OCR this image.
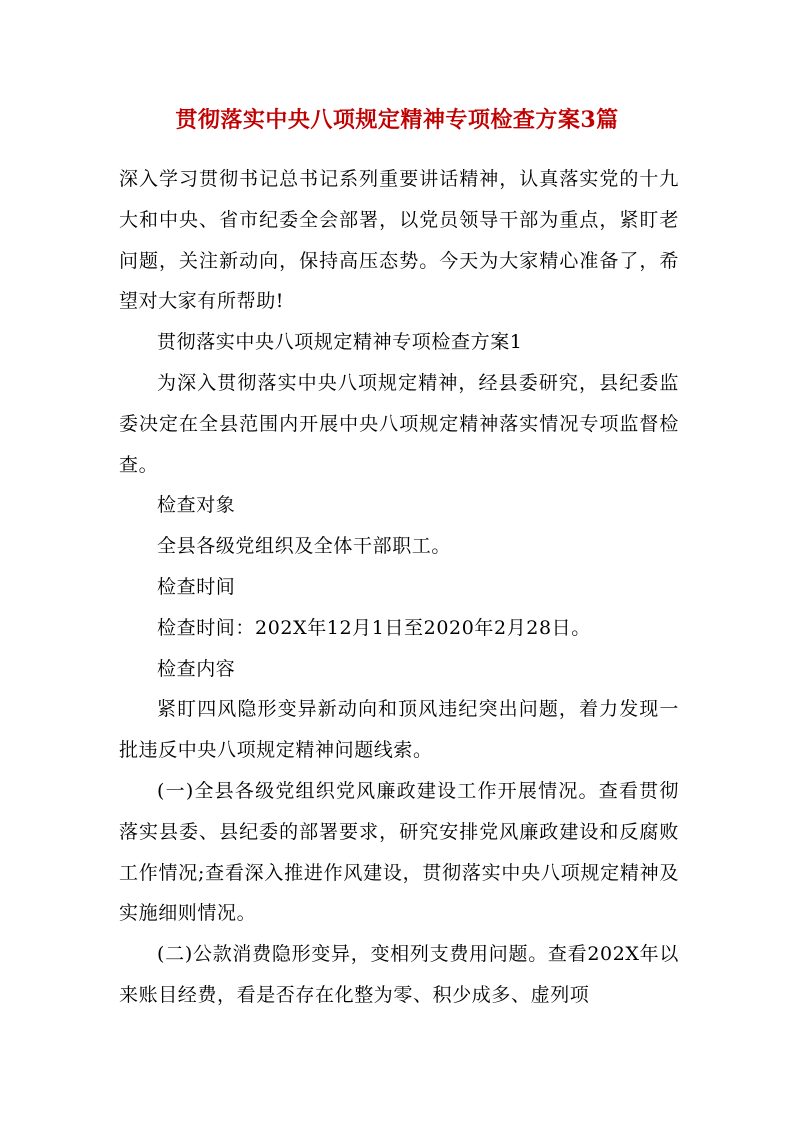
贯彻落实中央八项规定精神专项检查方案3篇

深入学习贯彻书记总书记系列重要讲话精神，认真落实党的十九大和中央、省市纪委全会部署，以党员领导干部为重点，紧盯老问题，关注新动向，保持高压态势。今天为大家精心准备了，希望对大家有所帮助!

贯彻落实中央八项规定精神专项检查方案1

为深入贯彻落实中央八项规定精神，经县委研究，县纪委监委决定在全县范围内开展中央八项规定精神落实情况专项监督检查。

检查对象

全县各级党组织及全体干部职工。

检查时间

检查时间：202X年12月1日至2020年2月28日。

检查内容

紧盯四风隐形变异新动向和顶风违纪突出问题，着力发现一批违反中央八项规定精神问题线索。

(一)全县各级党组织党风廉政建设工作开展情况。查看贯彻落实县委、县纪委的部署要求，研究安排党风廉政建设和反腐败工作情况;查看深入推进作风建设，贯彻落实中央八项规定精神及实施细则情况。

(二)公款消费隐形变异，变相列支费用问题。查看202X年以来账目经费，看是否存在化整为零、积少成多、虚列项
